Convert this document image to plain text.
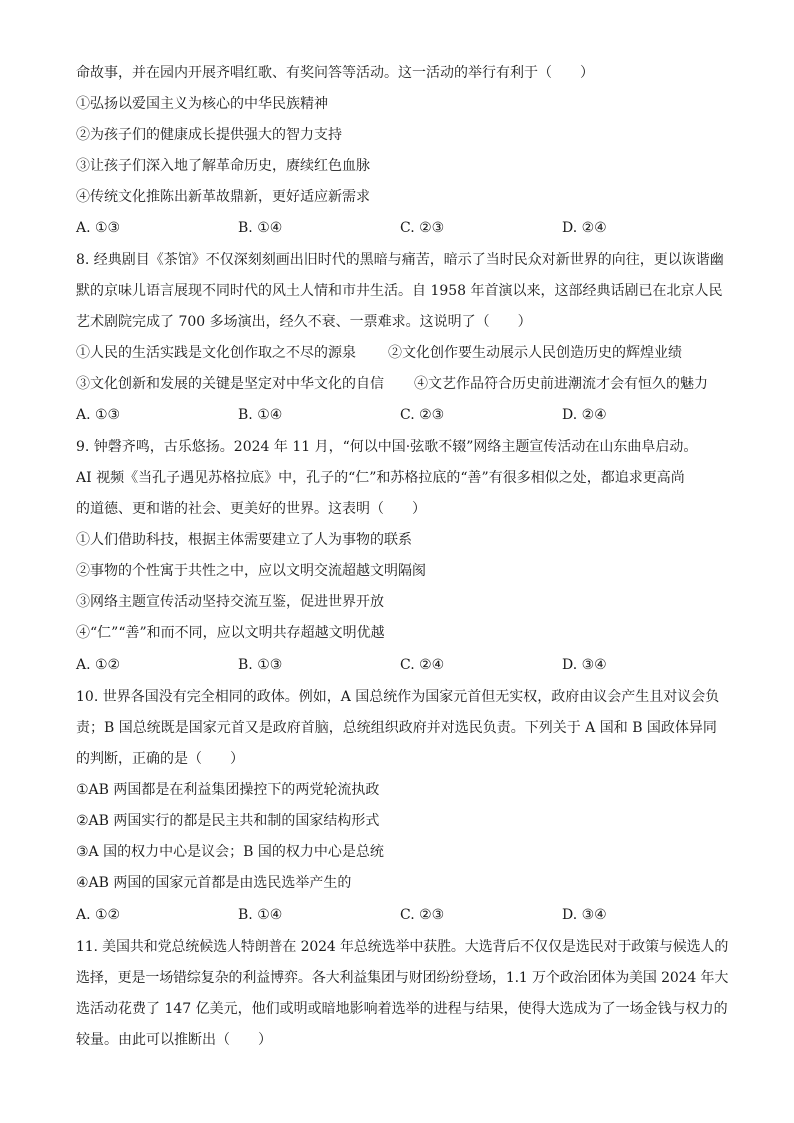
命故事，并在园内开展齐唱红歌、有奖问答等活动。这一活动的举行有利于（　　）

①弘扬以爱国主义为核心的中华民族精神

②为孩子们的健康成长提供强大的智力支持

③让孩子们深入地了解革命历史，赓续红色血脉

④传统文化推陈出新革故鼎新，更好适应新需求

A. ①③	B. ①④	C. ②③	D. ②④

8. 经典剧目《茶馆》不仅深刻刻画出旧时代的黑暗与痛苦，暗示了当时民众对新世界的向往，更以诙谐幽

默的京味儿语言展现不同时代的风土人情和市井生活。自 1958 年首演以来，这部经典话剧已在北京人民

艺术剧院完成了 700 多场演出，经久不衰、一票难求。这说明了（　　）

①人民的生活实践是文化创作取之不尽的源泉 ②文化创作要生动展示人民创造历史的辉煌业绩
③文化创新和发展的关键是坚定对中华文化的自信 ④文艺作品符合历史前进潮流才会有恒久的魅力
A. ①③	B. ①④	C. ②③	D. ②④

9. 钟磬齐鸣，古乐悠扬。2024 年 11 月，“何以中国·弦歌不辍”网络主题宣传活动在山东曲阜启动。

AI 视频《当孔子遇见苏格拉底》中，孔子的“仁”和苏格拉底的“善”有很多相似之处，都追求更高尚

的道德、更和谐的社会、更美好的世界。这表明（　　）

①人们借助科技，根据主体需要建立了人为事物的联系

②事物的个性寓于共性之中，应以文明交流超越文明隔阂

③网络主题宣传活动坚持交流互鉴，促进世界开放

④“仁”“善”和而不同，应以文明共存超越文明优越

A. ①②	B. ①③	C. ②④	D. ③④

10. 世界各国没有完全相同的政体。例如，A 国总统作为国家元首但无实权，政府由议会产生且对议会负

责；B 国总统既是国家元首又是政府首脑，总统组织政府并对选民负责。下列关于 A 国和 B 国政体异同

的判断，正确的是（　　）

①AB 两国都是在利益集团操控下的两党轮流执政

②AB 两国实行的都是民主共和制的国家结构形式

③A 国的权力中心是议会；B 国的权力中心是总统

④AB 两国的国家元首都是由选民选举产生的

A. ①②	B. ①④	C. ②③	D. ③④

11. 美国共和党总统候选人特朗普在 2024 年总统选举中获胜。大选背后不仅仅是选民对于政策与候选人的

选择，更是一场错综复杂的利益博弈。各大利益集团与财团纷纷登场，1.1 万个政治团体为美国 2024 年大

选活动花费了 147 亿美元，他们或明或暗地影响着选举的进程与结果，使得大选成为了一场金钱与权力的

较量。由此可以推断出（　　）
